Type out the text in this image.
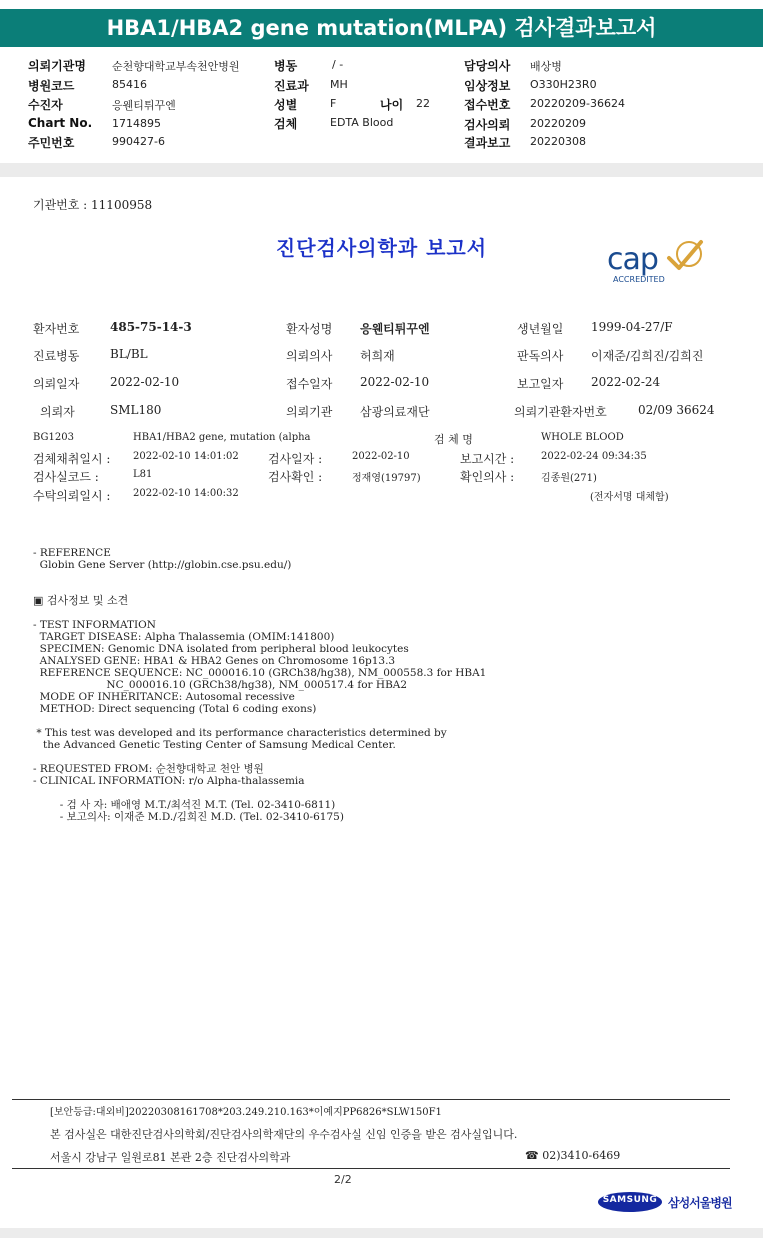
HBA1/HBA2 gene mutation(MLPA) 검사결과보고서
의뢰기관명 순천향대학교부속천안병원
병원코드	85416
수진자	응웬티튀꾸엔
Chart No. 1714895
주민번호	990427-6
병동	/ -
진료과 MH
성별	F	나이 22
검체	EDTA Blood
담당의사 배상병
임상정보 O330H23R0
접수번호 20220209-36624
검사의뢰 20220209
결과보고 20220308
기관번호 : 11100958
진단검사의학과 보고서	cap
ACCREDITED
환자번호	485-75-14-3	환자성명 응웬티튀꾸엔	생년월일 1999-04-27/F
진료병동	BL/BL	의뢰의사 허희재	판독의사 이재준/김희진/김희진
의뢰일자	2022-02-10	접수일자 2022-02-10	보고일자 2022-02-24
의뢰자	SML180	의뢰기관 삼광의료재단	의뢰기관환자번호	02/09 36624
BG1203	HBA1/HBA2 gene, mutation (alpha	검 체 명	WHOLE BLOOD
검체채취일시 : 2022-02-10 14:01:02 검사일자 :	2022-02-10	보고시간 :	2022-02-24 09:34:35
검사실코드 :	L81	검사확인 :	정재영(19797)	확인의사 :	김종원(271)
수탁의뢰일시 : 2022-02-10 14:00:32	(전자서명 대체함)
- REFERENCE
Globin Gene Server (http://globin.cse.psu.edu/)
▣ 검사정보 및 소견
- TEST INFORMATION
TARGET DISEASE: Alpha Thalassemia (OMIM:141800)
SPECIMEN: Genomic DNA isolated from peripheral blood leukocytes
ANALYSED GENE: HBA1 & HBA2 Genes on Chromosome 16p13.3
REFERENCE SEQUENCE: NC_000016.10 (GRCh38/hg38), NM_000558.3 for HBA1
NC_000016.10 (GRCh38/hg38), NM_000517.4 for HBA2
MODE OF INHERITANCE: Autosomal recessive
METHOD: Direct sequencing (Total 6 coding exons)
* This test was developed and its performance characteristics determined by
the Advanced Genetic Testing Center of Samsung Medical Center.
- REQUESTED FROM: 순천향대학교 천안 병원
- CLINICAL INFORMATION: r/o Alpha-thalassemia
- 검 사 자: 배애영 M.T./최석진 M.T. (Tel. 02-3410-6811)
- 보고의사: 이재준 M.D./김희진 M.D. (Tel. 02-3410-6175)
[보안등급:대외비]20220308161708*203.249.210.163*이예지PP6826*SLW150F1
본 검사실은 대한진단검사의학회/진단검사의학재단의 우수검사실 신임 인증을 받은 검사실입니다.
서울시 강남구 일원로81 본관 2층 진단검사의학과	☎ 02)3410-6469
2/2
SAMSUNG 삼성서울병원
